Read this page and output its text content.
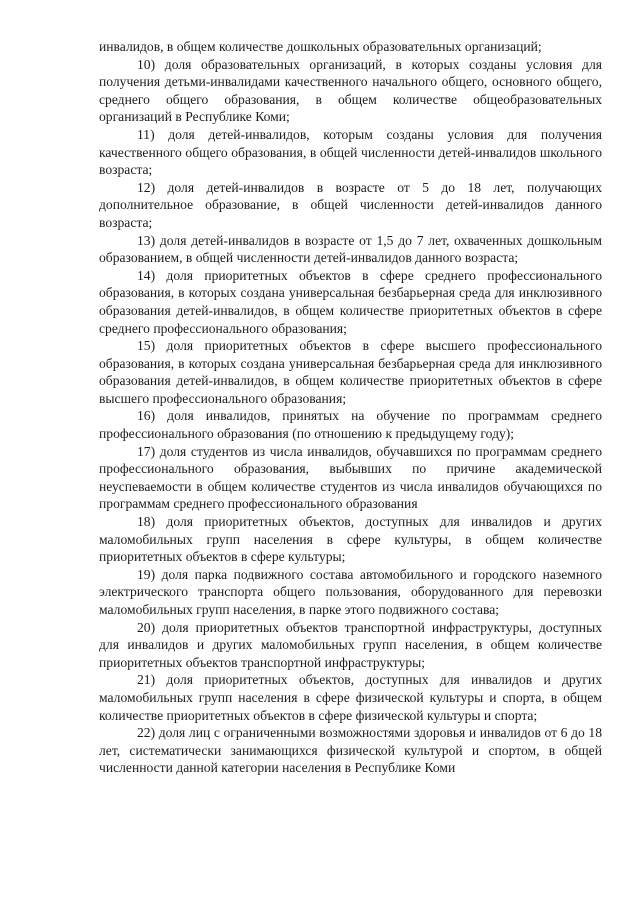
инвалидов, в общем количестве дошкольных образовательных организаций;

10) доля образовательных организаций, в которых созданы условия для получения детьми-инвалидами качественного начального общего, основного общего, среднего общего образования, в общем количестве общеобразовательных организаций в Республике Коми;

11) доля детей-инвалидов, которым созданы условия для получения качественного общего образования, в общей численности детей-инвалидов школьного возраста;

12) доля детей-инвалидов в возрасте от 5 до 18 лет, получающих дополнительное образование, в общей численности детей-инвалидов данного возраста;

13) доля детей-инвалидов в возрасте от 1,5 до 7 лет, охваченных дошкольным образованием, в общей численности детей-инвалидов данного возраста;

14) доля приоритетных объектов в сфере среднего профессионального образования, в которых создана универсальная безбарьерная среда для инклюзивного образования детей-инвалидов, в общем количестве приоритетных объектов в сфере среднего профессионального образования;

15) доля приоритетных объектов в сфере высшего профессионального образования, в которых создана универсальная безбарьерная среда для инклюзивного образования детей-инвалидов, в общем количестве приоритетных объектов в сфере высшего профессионального образования;

16) доля инвалидов, принятых на обучение по программам среднего профессионального образования (по отношению к предыдущему году);

17) доля студентов из числа инвалидов, обучавшихся по программам среднего профессионального образования, выбывших по причине академической неуспеваемости в общем количестве студентов из числа инвалидов обучающихся по программам среднего профессионального образования

18) доля приоритетных объектов, доступных для инвалидов и других маломобильных групп населения в сфере культуры, в общем количестве приоритетных объектов в сфере культуры;

19) доля парка подвижного состава автомобильного и городского наземного электрического транспорта общего пользования, оборудованного для перевозки маломобильных групп населения, в парке этого подвижного состава;

20) доля приоритетных объектов транспортной инфраструктуры, доступных для инвалидов и других маломобильных групп населения, в общем количестве приоритетных объектов транспортной инфраструктуры;

21) доля приоритетных объектов, доступных для инвалидов и других маломобильных групп населения в сфере физической культуры и спорта, в общем количестве приоритетных объектов в сфере физической культуры и спорта;

22) доля лиц с ограниченными возможностями здоровья и инвалидов от 6 до 18 лет, систематически занимающихся физической культурой и спортом, в общей численности данной категории населения в Республике Коми
